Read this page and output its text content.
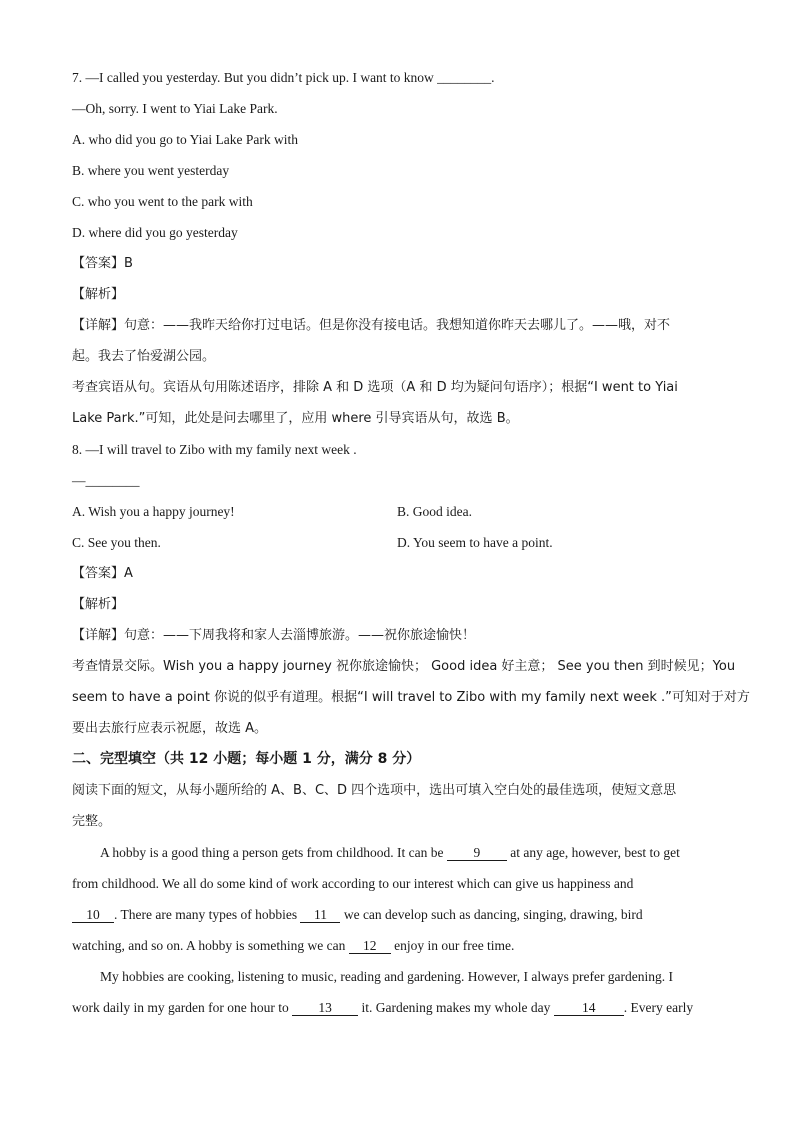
7. —I called you yesterday. But you didn’t pick up. I want to know ________.
—Oh, sorry. I went to Yiai Lake Park.
A. who did you go to Yiai Lake Park with
B. where you went yesterday
C. who you went to the park with
D. where did you go yesterday
【答案】B
【解析】
【详解】句意：——我昨天给你打过电话。但是你没有接电话。我想知道你昨天去哪儿了。——哦，对不
起。我去了怡爱湖公园。
考查宾语从句。宾语从句用陈述语序，排除 A 和 D 选项（A 和 D 均为疑问句语序）；根据“I went to Yiai
Lake Park.”可知，此处是问去哪里了，应用 where 引导宾语从句，故选 B。
8. —I will travel to Zibo with my family next week .
—________
A. Wish you a happy journey!	B. Good idea.
C. See you then.	D. You seem to have a point.
【答案】A
【解析】
【详解】句意：——下周我将和家人去淄博旅游。——祝你旅途愉快！
考查情景交际。Wish you a happy journey 祝你旅途愉快； Good idea 好主意； See you then 到时候见；You
seem to have a point 你说的似乎有道理。根据“I will travel to Zibo with my family next week .”可知对于对方
要出去旅行应表示祝愿，故选 A。
二、完型填空（共 12 小题；每小题 1 分，满分 8 分）
阅读下面的短文，从每小题所给的 A、B、C、D 四个选项中，选出可填入空白处的最佳选项，使短文意思
完整。
A hobby is a good thing a person gets from childhood. It can be 9 at any age, however, best to get
from childhood. We all do some kind of work according to our interest which can give us happiness and
10 . There are many types of hobbies 11 we can develop such as dancing, singing, drawing, bird
watching, and so on. A hobby is something we can 12 enjoy in our free time.
My hobbies are cooking, listening to music, reading and gardening. However, I always prefer gardening. I
work daily in my garden for one hour to 13 it. Gardening makes my whole day 14 . Every early
